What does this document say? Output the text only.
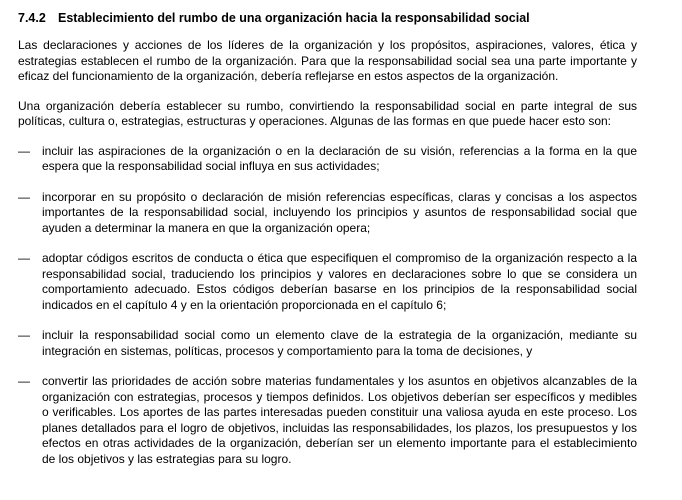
7.4.2 Establecimiento del rumbo de una organización hacia la responsabilidad social

Las declaraciones y acciones de los líderes de la organización y los propósitos, aspiraciones, valores, ética y estrategias establecen el rumbo de la organización. Para que la responsabilidad social sea una parte importante y eficaz del funcionamiento de la organización, debería reflejarse en estos aspectos de la organización.

Una organización debería establecer su rumbo, convirtiendo la responsabilidad social en parte integral de sus políticas, cultura o, estrategias, estructuras y operaciones. Algunas de las formas en que puede hacer esto son:

— incluir las aspiraciones de la organización o en la declaración de su visión, referencias a la forma en la que espera que la responsabilidad social influya en sus actividades;
— incorporar en su propósito o declaración de misión referencias específicas, claras y concisas a los aspectos importantes de la responsabilidad social, incluyendo los principios y asuntos de responsabilidad social que ayuden a determinar la manera en que la organización opera;
— adoptar códigos escritos de conducta o ética que especifiquen el compromiso de la organización respecto a la responsabilidad social, traduciendo los principios y valores en declaraciones sobre lo que se considera un comportamiento adecuado. Estos códigos deberían basarse en los principios de la responsabilidad social indicados en el capítulo 4 y en la orientación proporcionada en el capítulo 6;
— incluir la responsabilidad social como un elemento clave de la estrategia de la organización, mediante su integración en sistemas, políticas, procesos y comportamiento para la toma de decisiones, y
— convertir las prioridades de acción sobre materias fundamentales y los asuntos en objetivos alcanzables de la organización con estrategias, procesos y tiempos definidos. Los objetivos deberían ser específicos y medibles o verificables. Los aportes de las partes interesadas pueden constituir una valiosa ayuda en este proceso. Los planes detallados para el logro de objetivos, incluidas las responsabilidades, los plazos, los presupuestos y los efectos en otras actividades de la organización, deberían ser un elemento importante para el establecimiento de los objetivos y las estrategias para su logro.
